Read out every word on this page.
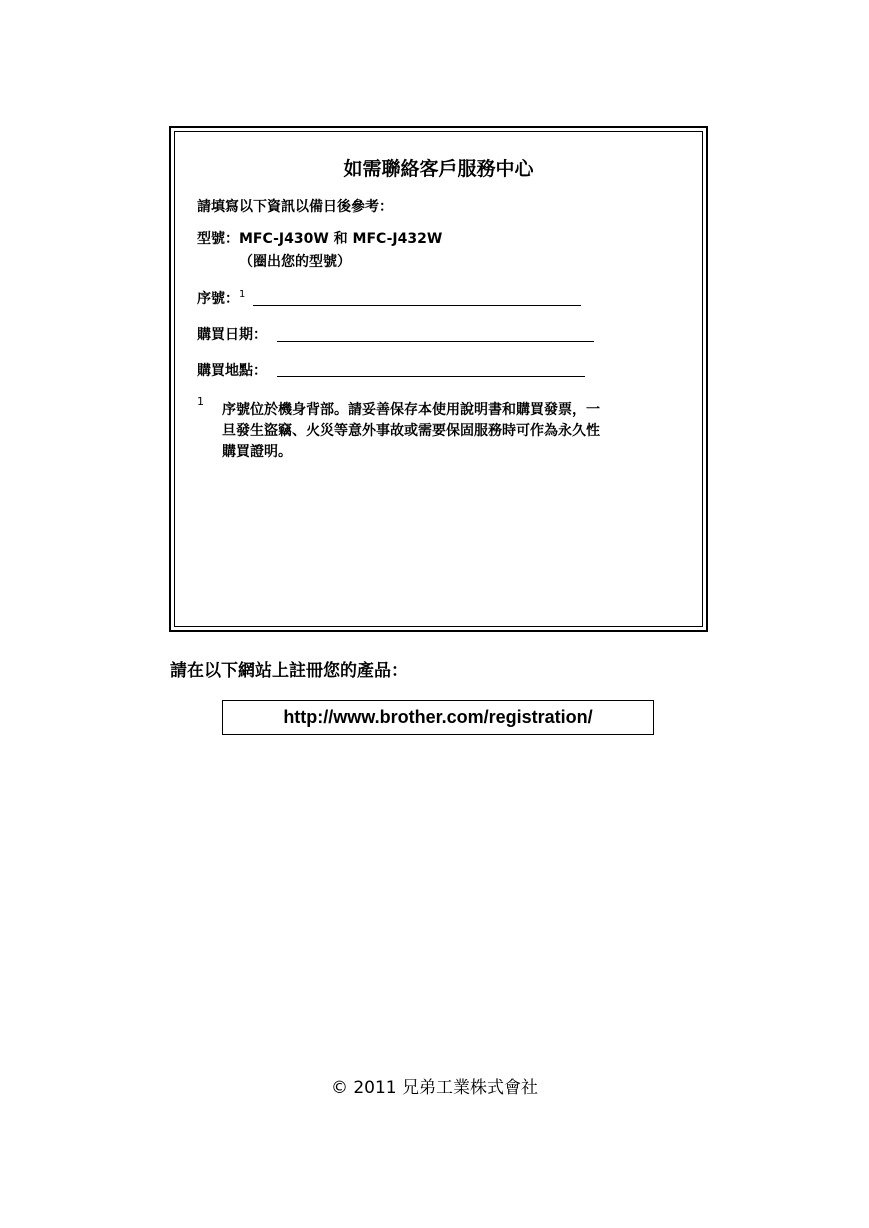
如需聯絡客戶服務中心
請填寫以下資訊以備日後參考：
型號：MFC-J430W 和 MFC-J432W
（圈出您的型號）
序號：$^1$
購買日期：
購買地點：
1
序號位於機身背部。請妥善保存本使用說明書和購買發票，一
旦發生盜竊、火災等意外事故或需要保固服務時可作為永久性
購買證明。
請在以下網站上註冊您的產品：
http://www.brother.com/registration/
© 2011 兄弟工業株式會社
